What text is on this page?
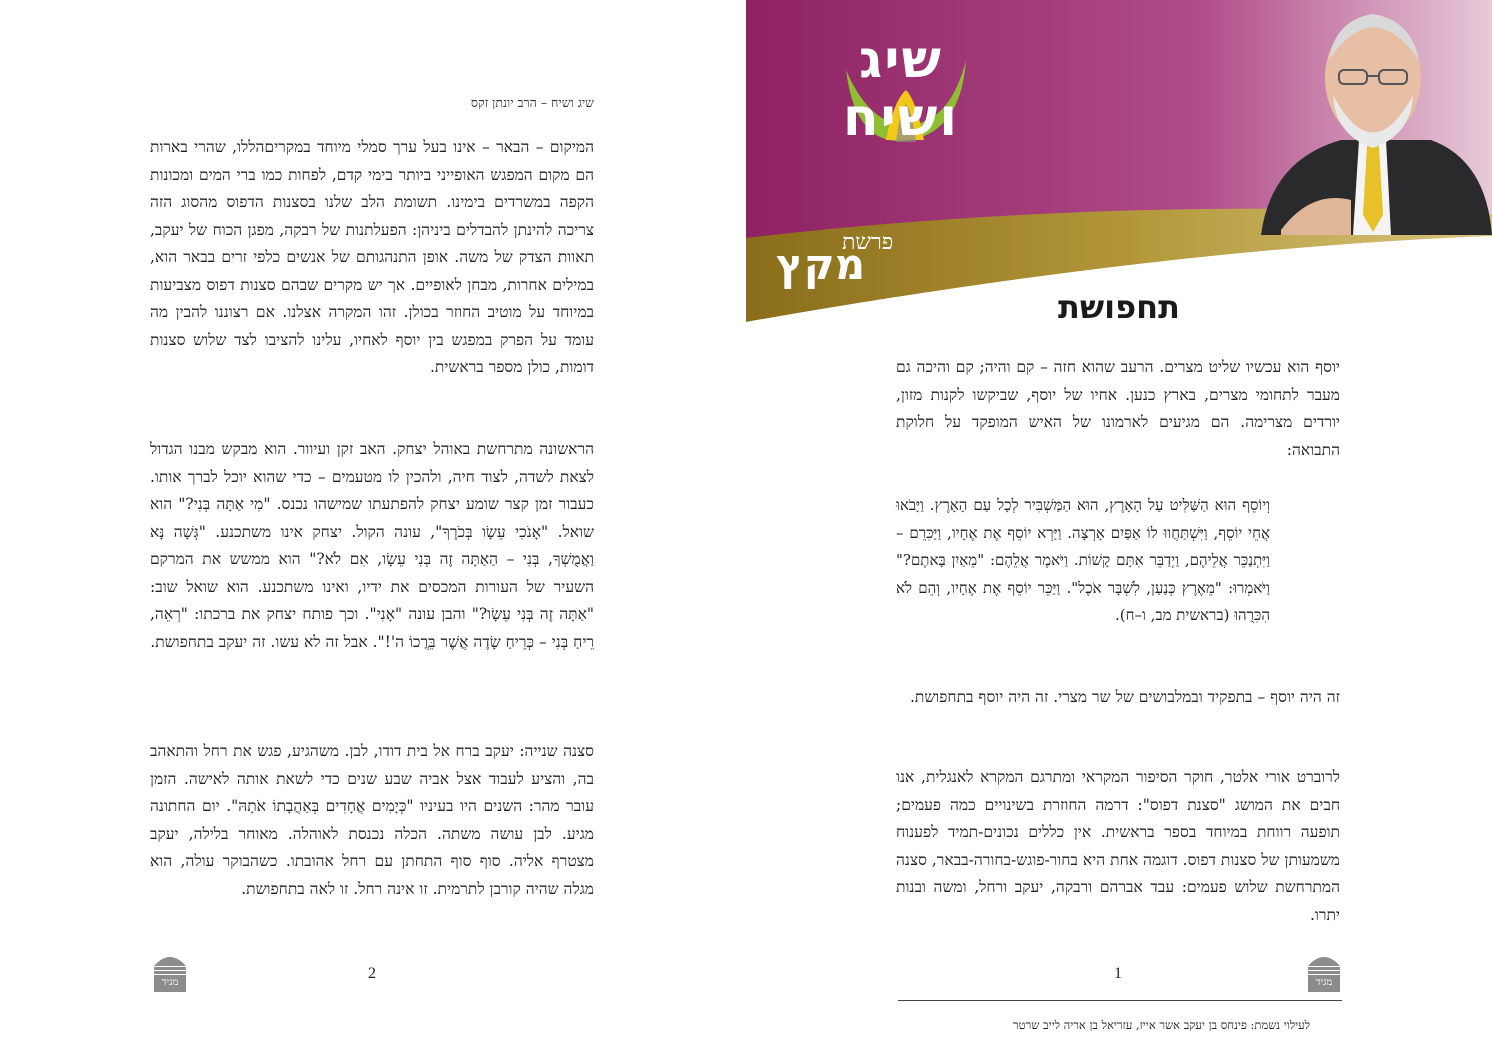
שיג ושיח – הרב יונתן זקס

המיקום – הבאר – אינו בעל ערך סמלי מיוחד במקריםהללו, שהרי בארות הם מקום המפגש האופייני ביותר בימי קדם, לפחות כמו ברי המים ומכונות הקפה במשרדים בימינו. תשומת הלב שלנו בסצנות הדפוס מהסוג הזה צריכה להינתן להבדלים ביניהן: הפעלתנות של רבקה, מפגן הכוח של יעקב, תאוות הצדק של משה. אופן התנהגותם של אנשים כלפי זרים בבאר הוא, במילים אחרות, מבחן לאופיים. אך יש מקרים שבהם סצנות דפוס מצביעות במיוחד על מוטיב החוזר בכולן. זהו המקרה אצלנו. אם רצוננו להבין מה עומד על הפרק במפגש בין יוסף לאחיו, עלינו להציבו לצד שלוש סצנות דומות, כולן מספר בראשית.

הראשונה מתרחשת באוהל יצחק. האב זקן ועיוור. הוא מבקש מבנו הגדול לצאת לשדה, לצוד חיה, ולהכין לו מטעמים – כדי שהוא יוכל לברך אותו. כעבור זמן קצר שומע יצחק להפתעתו שמישהו נכנס. "מִי אַתָּה בְּנִי?" הוא שואל. "אָנֹכִי עֵשָׂו בְּכֹרֶךָ", עונה הקול. יצחק אינו משתכנע. "גְּשָׁה נָּא וַאֲמֻשְׁךָ, בְּנִי – הַאַתָּה זֶה בְּנִי עֵשָׂו, אִם לֹא?" הוא ממשש את המרקם השעיר של העורות המכסים את ידיו, ואינו משתכנע. הוא שואל שוב: "אַתָּה זֶה בְּנִי עֵשָׂו?" והבן עונה "אָנִי". וכך פותח יצחק את ברכתו: "רְאֵה, רֵיחַ בְּנִי – כְּרֵיחַ שָׂדֶה אֲשֶׁר בֵּרֲכוֹ ה'!". אבל זה לא עשו. זה יעקב בתחפושת.

סצנה שנייה: יעקב ברח אל בית דודו, לבן. משהגיע, פגש את רחל והתאהב בה, והציע לעבוד אצל אביה שבע שנים כדי לשאת אותה לאישה. הזמן עובר מהר: השנים היו בעיניו "כְּיָמִים אֲחָדִים בְּאַהֲבָתוֹ אֹתָהּ". יום החתונה מגיע. לבן עושה משתה. הכלה נכנסת לאוהלה. מאוחר בלילה, יעקב מצטרף אליה. סוף סוף התחתן עם רחל אהובתו. כשהבוקר עולה, הוא מגלה שהיה קורבן לתרמית. זו אינה רחל. זו לאה בתחפושת.

2
מגיד
שיג
ושיח
פרשת
מקץ
תחפושת

יוסף הוא עכשיו שליט מצרים. הרעב שהוא חזה – קם והיה; קם והיכה גם מעבר לתחומי מצרים, בארץ כנען. אחיו של יוסף, שביקשו לקנות מזון, יורדים מצרימה. הם מגיעים לארמונו של האיש המופקד על חלוקת התבואה:

וְיוֹסֵף הוּא הַשַּׁלִּיט עַל הָאָרֶץ, הוּא הַמַּשְׁבִּיר לְכָל עַם הָאָרֶץ. וַיָּבֹאוּ אֲחֵי יוֹסֵף, וַיִּשְׁתַּחֲווּ לוֹ אַפַּיִם אָרְצָה. וַיַּרְא יוֹסֵף אֶת אֶחָיו, וַיַּכִּרֵם – וַיִּתְנַכֵּר אֲלֵיהֶם, וַיְדַבֵּר אִתָּם קָשׁוֹת. וַיֹּאמֶר אֲלֵהֶם: "מֵאַיִן בָּאתֶם?" וַיֹּאמְרוּ: "מֵאֶרֶץ כְּנַעַן, לִשְׁבָּר אֹכֶל". וַיַּכֵּר יוֹסֵף אֶת אֶחָיו, וְהֵם לֹא הִכִּרֻהוּ (בראשית מב, ו–ח).

זה היה יוסף – בתפקיד ובמלבושים של שר מצרי. זה היה יוסף בתחפושת.

לרוברט אורי אלטר, חוקר הסיפור המקראי ומתרגם המקרא לאנגלית, אנו חבים את המושג "סצנת דפוס": דרמה החוזרת בשינויים כמה פעמים; תופעה רווחת במיוחד בספר בראשית. אין כללים נכונים-תמיד לפענוח משמעותן של סצנות דפוס. דוגמה אחת היא בחור-פוגש-בחורה-בבאר, סצנה המתרחשת שלוש פעמים: עבד אברהם ורבקה, יעקב ורחל, ומשה ובנות יתרו.

1
מגיד
לעילוי נשמת: פינחס בן יעקב אשר אייז, עזריאל בן אריה לייב שרטר
